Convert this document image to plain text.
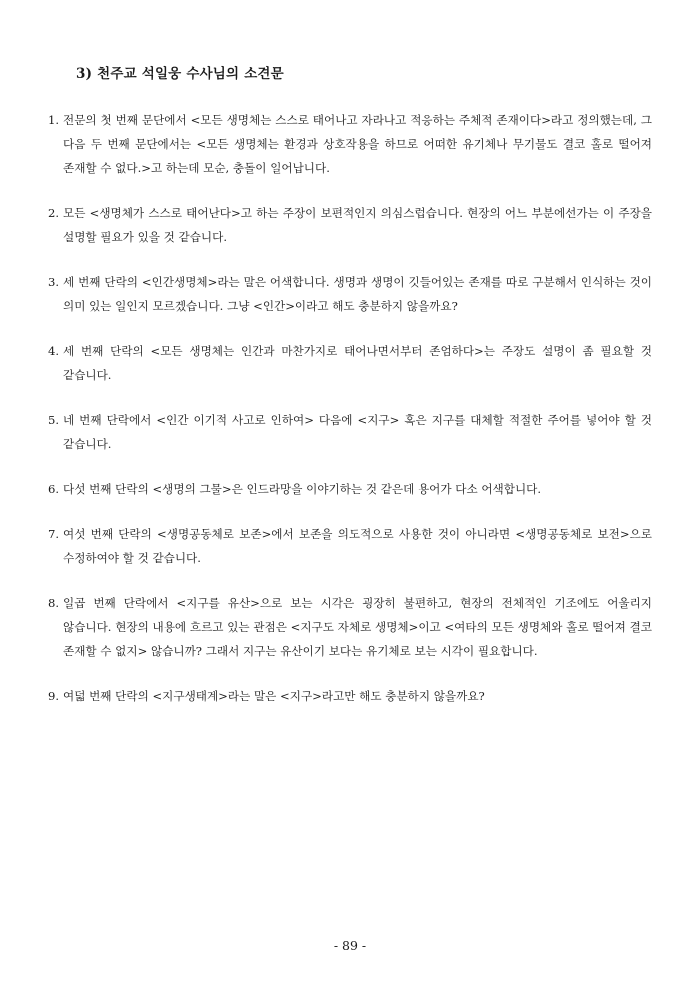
3) 천주교 석일웅 수사님의 소견문
1. 전문의 첫 번째 문단에서 <모든 생명체는 스스로 태어나고 자라나고 적응하는 주체적 존재이다>라고 정의했는데, 그 다음 두 번째 문단에서는 <모든 생명체는 환경과 상호작용을 하므로 어떠한 유기체나 무기물도 결코 홀로 떨어져 존재할 수 없다.>고 하는데 모순, 충돌이 일어납니다.
2. 모든 <생명체가 스스로 태어난다>고 하는 주장이 보편적인지 의심스럽습니다. 현장의 어느 부분에선가는 이 주장을 설명할 필요가 있을 것 같습니다.
3. 세 번째 단락의 <인간생명체>라는 말은 어색합니다. 생명과 생명이 깃들어있는 존재를 따로 구분해서 인식하는 것이 의미 있는 일인지 모르겠습니다. 그냥 <인간>이라고 해도 충분하지 않을까요?
4. 세 번째 단락의 <모든 생명체는 인간과 마찬가지로 태어나면서부터 존엄하다>는 주장도 설명이 좀 필요할 것 같습니다.
5. 네 번째 단락에서 <인간 이기적 사고로 인하여> 다음에 <지구> 혹은 지구를 대체할 적절한 주어를 넣어야 할 것 같습니다.
6. 다섯 번째 단락의 <생명의 그물>은 인드라망을 이야기하는 것 같은데 용어가 다소 어색합니다.
7. 여섯 번째 단락의 <생명공동체로 보존>에서 보존을 의도적으로 사용한 것이 아니라면 <생명공동체로 보전>으로 수정하여야 할 것 같습니다.
8. 일곱 번째 단락에서 <지구를 유산>으로 보는 시각은 굉장히 불편하고, 현장의 전체적인 기조에도 어울리지 않습니다. 현장의 내용에 흐르고 있는 관점은 <지구도 자체로 생명체>이고 <여타의 모든 생명체와 홀로 떨어져 결코 존재할 수 없지> 않습니까? 그래서 지구는 유산이기 보다는 유기체로 보는 시각이 필요합니다.
9. 여덟 번째 단락의 <지구생태계>라는 말은 <지구>라고만 해도 충분하지 않을까요?
- 89 -
